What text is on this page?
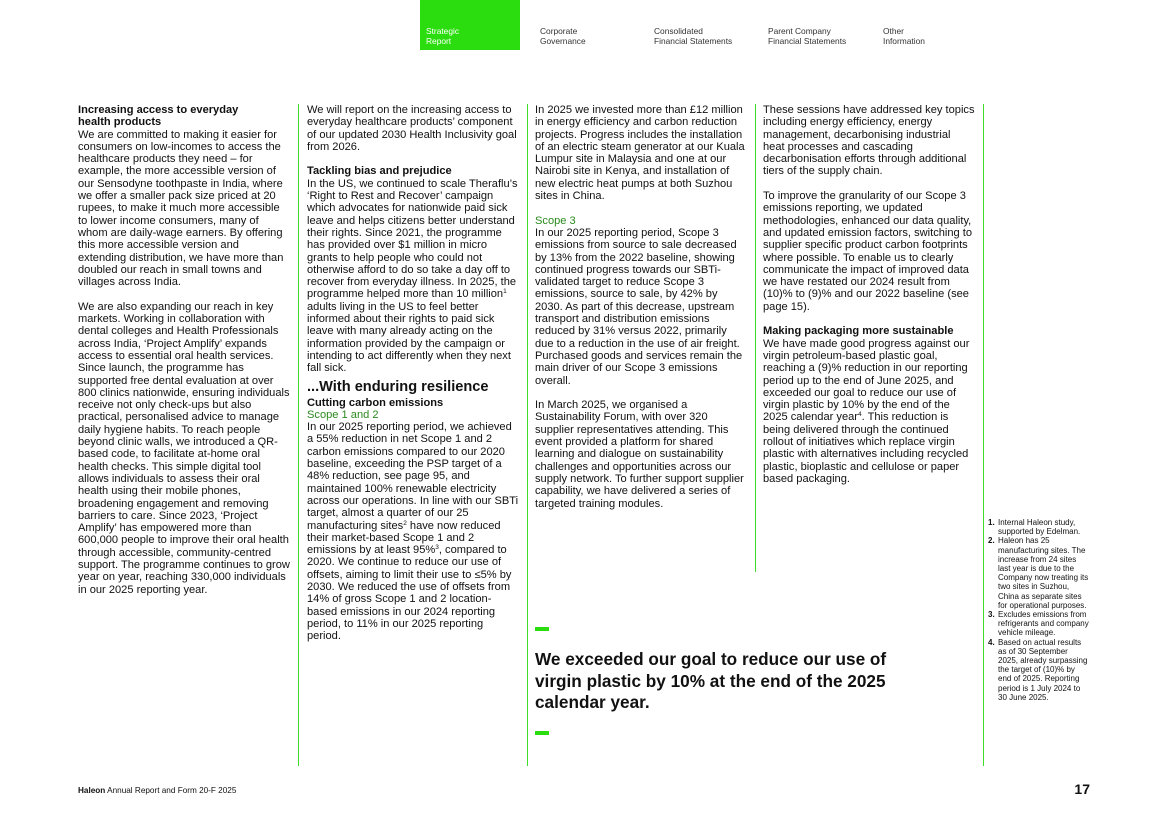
Strategic
Report
Corporate
Governance
Consolidated
Financial Statements
Parent Company
Financial Statements
Other
Information
Increasing access to everyday
health products

We are committed to making it easier for consumers on low-incomes to access the healthcare products they need – for example, the more accessible version of our Sensodyne toothpaste in India, where we offer a smaller pack size priced at 20 rupees, to make it much more accessible to lower income consumers, many of whom are daily-wage earners. By offering this more accessible version and extending distribution, we have more than doubled our reach in small towns and villages across India.

We are also expanding our reach in key markets. Working in collaboration with dental colleges and Health Professionals across India, ‘Project Amplify’ expands access to essential oral health services. Since launch, the programme has supported free dental evaluation at over 800 clinics nationwide, ensuring individuals receive not only check-ups but also practical, personalised advice to manage daily hygiene habits. To reach people beyond clinic walls, we introduced a QR-based code, to facilitate at-home oral health checks. This simple digital tool allows individuals to assess their oral health using their mobile phones, broadening engagement and removing barriers to care. Since 2023, ‘Project Amplify’ has empowered more than 600,000 people to improve their oral health through accessible, community-centred support. The programme continues to grow year on year, reaching 330,000 individuals in our 2025 reporting year.

We will report on the increasing access to everyday healthcare products’ component of our updated 2030 Health Inclusivity goal from 2026.

Tackling bias and prejudice

In the US, we continued to scale Theraflu’s ‘Right to Rest and Recover’ campaign which advocates for nationwide paid sick leave and helps citizens better understand their rights. Since 2021, the programme has provided over $1 million in micro grants to help people who could not otherwise afford to do so take a day off to recover from everyday illness. In 2025, the programme helped more than 10 million$^1$ adults living in the US to feel better informed about their rights to paid sick leave with many already acting on the information provided by the campaign or intending to act differently when they next fall sick.

...With enduring resilience
Cutting carbon emissions
Scope 1 and 2

In our 2025 reporting period, we achieved a 55% reduction in net Scope 1 and 2 carbon emissions compared to our 2020 baseline, exceeding the PSP target of a 48% reduction, see page 95, and maintained 100% renewable electricity across our operations. In line with our SBTi target, almost a quarter of our 25 manufacturing sites$^2$ have now reduced their market-based Scope 1 and 2 emissions by at least 95%$^3$, compared to 2020. We continue to reduce our use of offsets, aiming to limit their use to ≤5% by 2030. We reduced the use of offsets from 14% of gross Scope 1 and 2 location-based emissions in our 2024 reporting period, to 11% in our 2025 reporting period.

In 2025 we invested more than £12 million in energy efficiency and carbon reduction projects. Progress includes the installation of an electric steam generator at our Kuala Lumpur site in Malaysia and one at our Nairobi site in Kenya, and installation of new electric heat pumps at both Suzhou sites in China.

Scope 3

In our 2025 reporting period, Scope 3 emissions from source to sale decreased by 13% from the 2022 baseline, showing continued progress towards our SBTi-validated target to reduce Scope 3 emissions, source to sale, by 42% by 2030. As part of this decrease, upstream transport and distribution emissions reduced by 31% versus 2022, primarily due to a reduction in the use of air freight. Purchased goods and services remain the main driver of our Scope 3 emissions overall.

In March 2025, we organised a Sustainability Forum, with over 320 supplier representatives attending. This event provided a platform for shared learning and dialogue on sustainability challenges and opportunities across our supply network. To further support supplier capability, we have delivered a series of targeted training modules.

These sessions have addressed key topics including energy efficiency, energy management, decarbonising industrial heat processes and cascading decarbonisation efforts through additional tiers of the supply chain.

To improve the granularity of our Scope 3 emissions reporting, we updated methodologies, enhanced our data quality, and updated emission factors, switching to supplier specific product carbon footprints where possible. To enable us to clearly communicate the impact of improved data we have restated our 2024 result from (10)% to (9)% and our 2022 baseline (see page 15).

Making packaging more sustainable

We have made good progress against our virgin petroleum-based plastic goal, reaching a (9)% reduction in our reporting period up to the end of June 2025, and exceeded our goal to reduce our use of virgin plastic by 10% by the end of the 2025 calendar year$^4$. This reduction is being delivered through the continued rollout of initiatives which replace virgin plastic with alternatives including recycled plastic, bioplastic and cellulose or paper based packaging.

We exceeded our goal to reduce our use of virgin plastic by 10% at the end of the 2025 calendar year.
1. Internal Haleon study, supported by Edelman.
2. Haleon has 25 manufacturing sites. The increase from 24 sites last year is due to the Company now treating its two sites in Suzhou, China as separate sites for operational purposes.
3. Excludes emissions from refrigerants and company vehicle mileage.
4. Based on actual results as of 30 September 2025, already surpassing the target of (10)% by end of 2025. Reporting period is 1 July 2024 to 30 June 2025.
Haleon Annual Report and Form 20-F 2025	17
